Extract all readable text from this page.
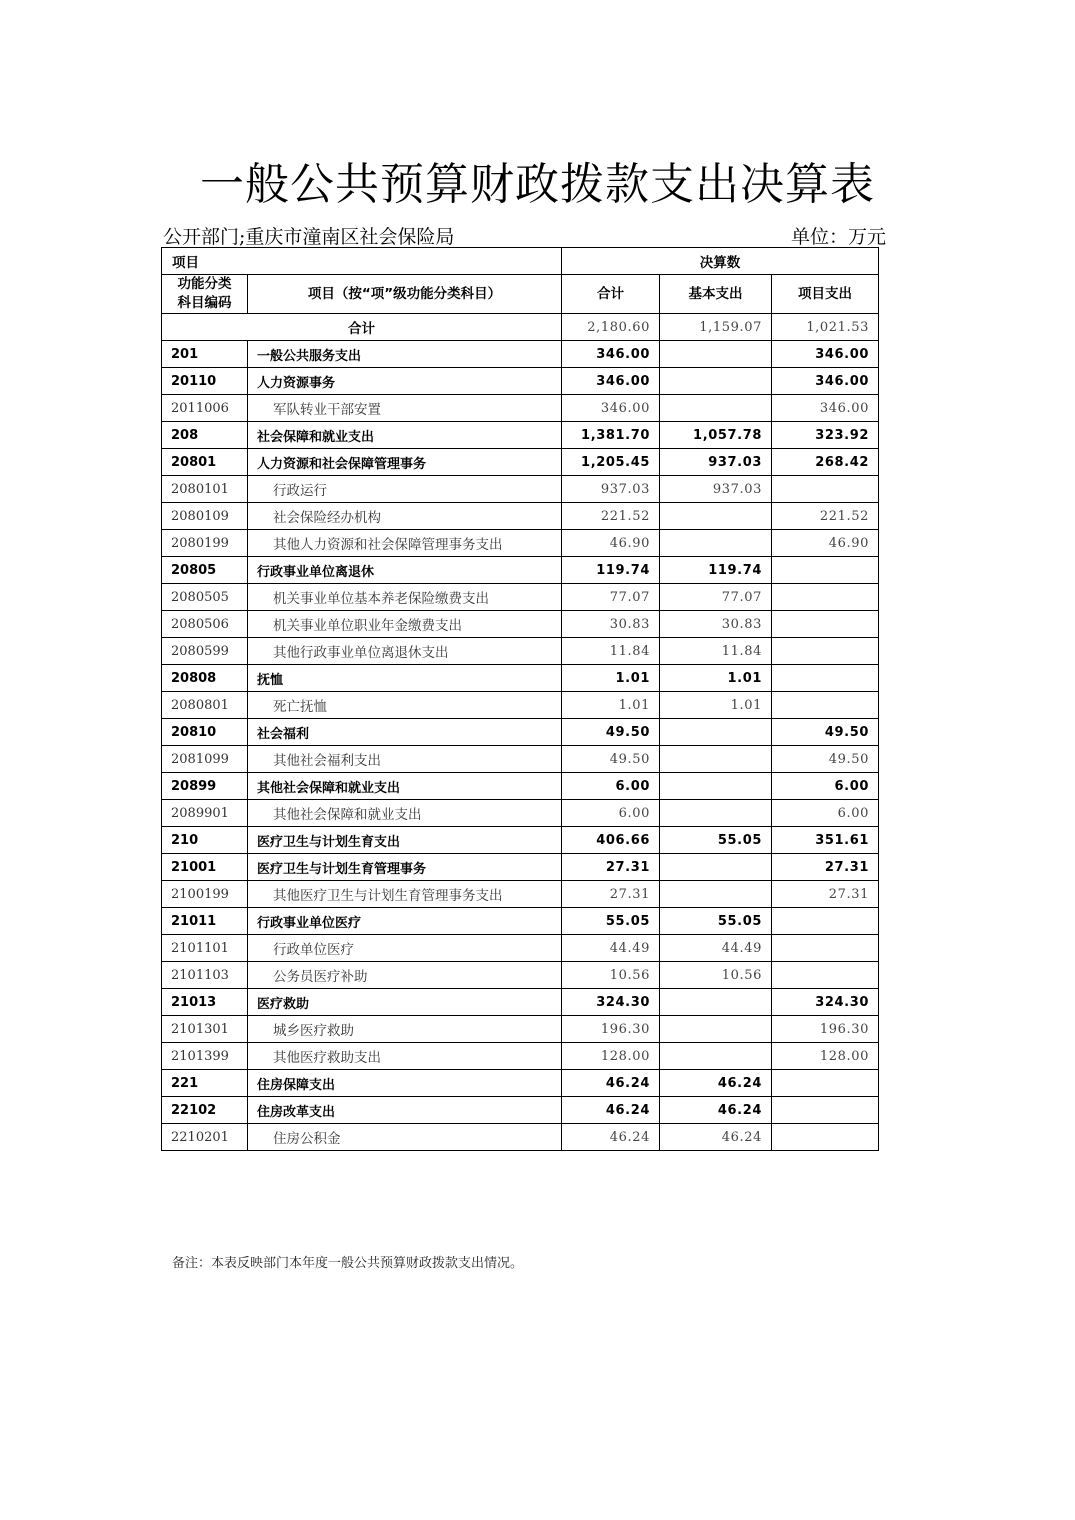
一般公共预算财政拨款支出决算表
公开部门;重庆市潼南区社会保险局	单位：万元
项目		决算数		
功能分类科目编码	项目（按“项”级功能分类科目）	合计	基本支出	项目支出
合计		2,180.60	1,159.07	1,021.53
201	一般公共服务支出	346.00		346.00
20110	人力资源事务	346.00		346.00
2011006	军队转业干部安置	346.00		346.00
208	社会保障和就业支出	1,381.70	1,057.78	323.92
20801	人力资源和社会保障管理事务	1,205.45	937.03	268.42
2080101	行政运行	937.03	937.03	
2080109	社会保险经办机构	221.52		221.52
2080199	其他人力资源和社会保障管理事务支出	46.90		46.90
20805	行政事业单位离退休	119.74	119.74	
2080505	机关事业单位基本养老保险缴费支出	77.07	77.07	
2080506	机关事业单位职业年金缴费支出	30.83	30.83	
2080599	其他行政事业单位离退休支出	11.84	11.84	
20808	抚恤	1.01	1.01	
2080801	死亡抚恤	1.01	1.01	
20810	社会福利	49.50		49.50
2081099	其他社会福利支出	49.50		49.50
20899	其他社会保障和就业支出	6.00		6.00
2089901	其他社会保障和就业支出	6.00		6.00
210	医疗卫生与计划生育支出	406.66	55.05	351.61
21001	医疗卫生与计划生育管理事务	27.31		27.31
2100199	其他医疗卫生与计划生育管理事务支出	27.31		27.31
21011	行政事业单位医疗	55.05	55.05	
2101101	行政单位医疗	44.49	44.49	
2101103	公务员医疗补助	10.56	10.56	
21013	医疗救助	324.30		324.30
2101301	城乡医疗救助	196.30		196.30
2101399	其他医疗救助支出	128.00		128.00
221	住房保障支出	46.24	46.24	
22102	住房改革支出	46.24	46.24	
2210201	住房公积金	46.24	46.24	
备注：本表反映部门本年度一般公共预算财政拨款支出情况。
